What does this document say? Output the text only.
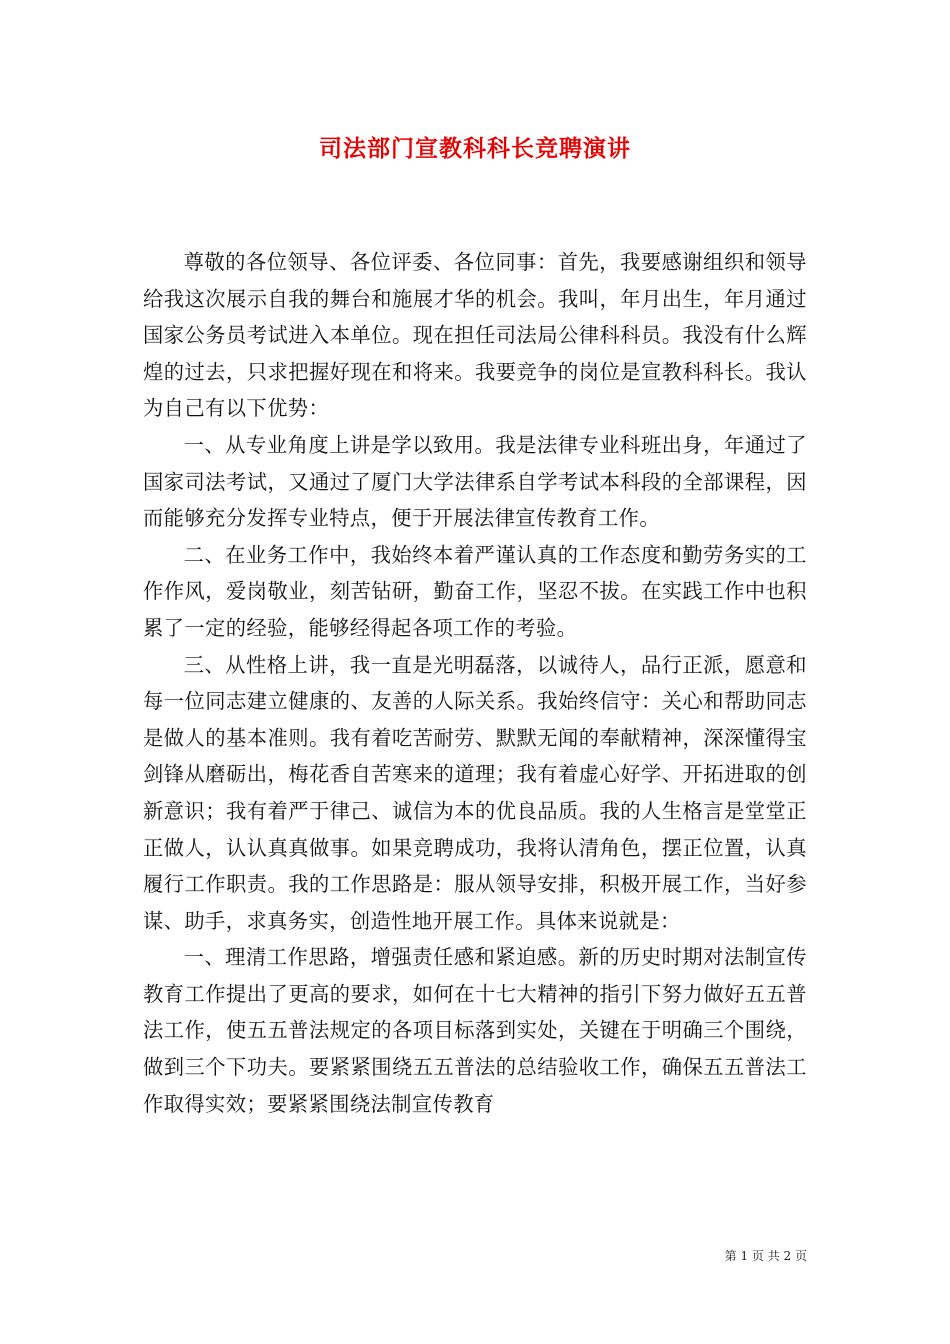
司法部门宣教科科长竞聘演讲

尊敬的各位领导、各位评委、各位同事：首先，我要感谢组织和领导给我这次展示自我的舞台和施展才华的机会。我叫，年月出生，年月通过国家公务员考试进入本单位。现在担任司法局公律科科员。我没有什么辉煌的过去，只求把握好现在和将来。我要竞争的岗位是宣教科科长。我认为自己有以下优势：

一、从专业角度上讲是学以致用。我是法律专业科班出身，年通过了国家司法考试，又通过了厦门大学法律系自学考试本科段的全部课程，因而能够充分发挥专业特点，便于开展法律宣传教育工作。

二、在业务工作中，我始终本着严谨认真的工作态度和勤劳务实的工作作风，爱岗敬业，刻苦钻研，勤奋工作，坚忍不拔。在实践工作中也积累了一定的经验，能够经得起各项工作的考验。

三、从性格上讲，我一直是光明磊落，以诚待人，品行正派，愿意和每一位同志建立健康的、友善的人际关系。我始终信守：关心和帮助同志是做人的基本准则。我有着吃苦耐劳、默默无闻的奉献精神，深深懂得宝剑锋从磨砺出，梅花香自苦寒来的道理；我有着虚心好学、开拓进取的创新意识；我有着严于律己、诚信为本的优良品质。我的人生格言是堂堂正正做人，认认真真做事。如果竞聘成功，我将认清角色，摆正位置，认真履行工作职责。我的工作思路是：服从领导安排，积极开展工作，当好参谋、助手，求真务实，创造性地开展工作。具体来说就是：

一、理清工作思路，增强责任感和紧迫感。新的历史时期对法制宣传教育工作提出了更高的要求，如何在十七大精神的指引下努力做好五五普法工作，使五五普法规定的各项目标落到实处，关键在于明确三个围绕，做到三个下功夫。要紧紧围绕五五普法的总结验收工作，确保五五普法工作取得实效；要紧紧围绕法制宣传教育

第 1 页 共 2 页
